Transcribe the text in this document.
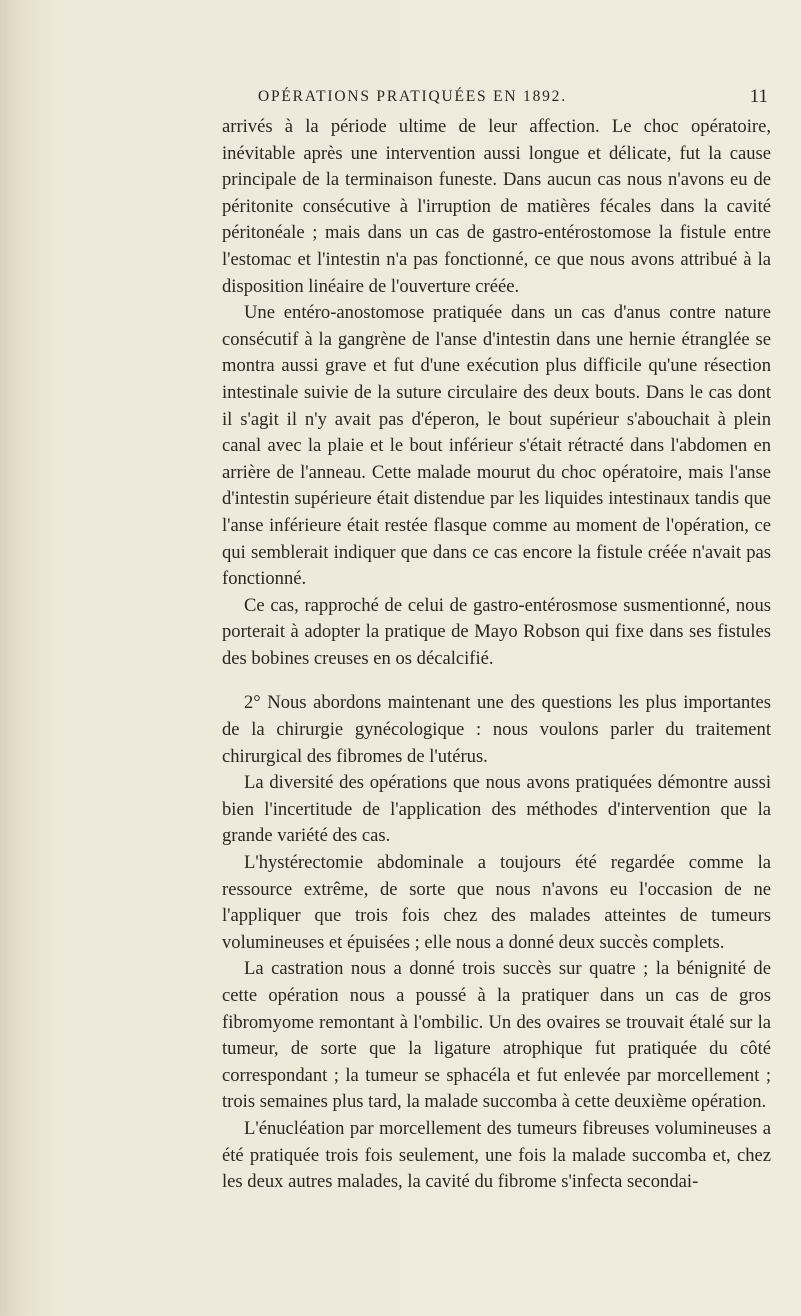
OPÉRATIONS PRATIQUÉES EN 1892.	11

arrivés à la période ultime de leur affection. Le choc opératoire, inévitable après une intervention aussi longue et délicate, fut la cause principale de la terminaison funeste. Dans aucun cas nous n'avons eu de péritonite consécutive à l'irruption de matières fécales dans la cavité péritonéale ; mais dans un cas de gastro-entérostomose la fistule entre l'estomac et l'intestin n'a pas fonctionné, ce que nous avons attribué à la disposition linéaire de l'ouverture créée.

Une entéro-anostomose pratiquée dans un cas d'anus contre nature consécutif à la gangrène de l'anse d'intestin dans une hernie étranglée se montra aussi grave et fut d'une exécution plus difficile qu'une résection intestinale suivie de la suture circulaire des deux bouts. Dans le cas dont il s'agit il n'y avait pas d'éperon, le bout supérieur s'abouchait à plein canal avec la plaie et le bout inférieur s'était rétracté dans l'abdomen en arrière de l'anneau. Cette malade mourut du choc opératoire, mais l'anse d'intestin supérieure était distendue par les liquides intestinaux tandis que l'anse inférieure était restée flasque comme au moment de l'opération, ce qui semblerait indiquer que dans ce cas encore la fistule créée n'avait pas fonctionné.

Ce cas, rapproché de celui de gastro-entérosmose susmentionné, nous porterait à adopter la pratique de Mayo Robson qui fixe dans ses fistules des bobines creuses en os décalcifié.

2° Nous abordons maintenant une des questions les plus importantes de la chirurgie gynécologique : nous voulons parler du traitement chirurgical des fibromes de l'utérus.

La diversité des opérations que nous avons pratiquées démontre aussi bien l'incertitude de l'application des méthodes d'intervention que la grande variété des cas.

L'hystérectomie abdominale a toujours été regardée comme la ressource extrême, de sorte que nous n'avons eu l'occasion de ne l'appliquer que trois fois chez des malades atteintes de tumeurs volumineuses et épuisées ; elle nous a donné deux succès complets.

La castration nous a donné trois succès sur quatre ; la bénignité de cette opération nous a poussé à la pratiquer dans un cas de gros fibromyome remontant à l'ombilic. Un des ovaires se trouvait étalé sur la tumeur, de sorte que la ligature atrophique fut pratiquée du côté correspondant ; la tumeur se sphacéla et fut enlevée par morcellement ; trois semaines plus tard, la malade succomba à cette deuxième opération.

L'énucléation par morcellement des tumeurs fibreuses volumineuses a été pratiquée trois fois seulement, une fois la malade succomba et, chez les deux autres malades, la cavité du fibrome s'infecta secondai-
